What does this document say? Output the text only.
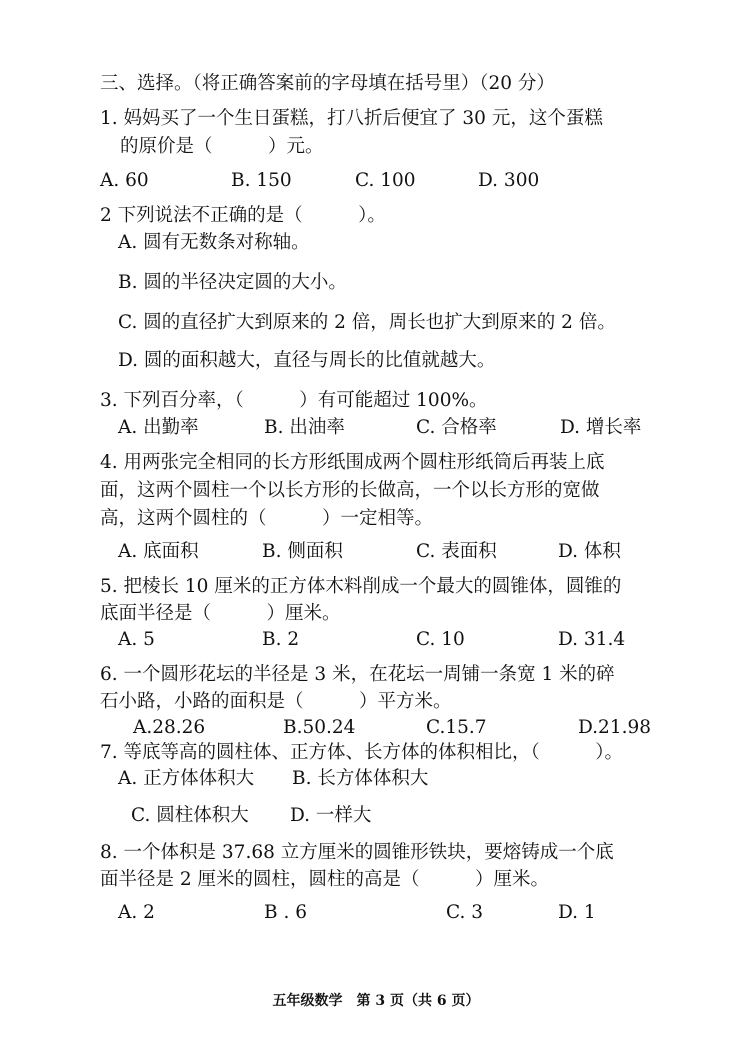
三、选择。（将正确答案前的字母填在括号里）（20 分）
1. 妈妈买了一个生日蛋糕，打八折后便宜了 30 元，这个蛋糕
的原价是（　　　）元。
A. 60	B. 150	C. 100	D. 300
2 下列说法不正确的是（　　　）。
A. 圆有无数条对称轴。
B. 圆的半径决定圆的大小。
C. 圆的直径扩大到原来的 2 倍，周长也扩大到原来的 2 倍。
D. 圆的面积越大，直径与周长的比值就越大。
3. 下列百分率，（　　　）有可能超过 100%。
A. 出勤率	B. 出油率	C. 合格率	D. 增长率
4. 用两张完全相同的长方形纸围成两个圆柱形纸筒后再装上底
面，这两个圆柱一个以长方形的长做高，一个以长方形的宽做
高，这两个圆柱的（　　　）一定相等。
A. 底面积	B. 侧面积	C. 表面积	D. 体积
5. 把棱长 10 厘米的正方体木料削成一个最大的圆锥体，圆锥的
底面半径是（　　　）厘米。
A. 5	B. 2	C. 10	D. 31.4
6. 一个圆形花坛的半径是 3 米，在花坛一周铺一条宽 1 米的碎
石小路，小路的面积是（　　　）平方米。
A.28.26	B.50.24	C.15.7	D.21.98
7. 等底等高的圆柱体、正方体、长方体的体积相比，（　　　）。
A. 正方体体积大 B. 长方体体积大
C. 圆柱体积大 D. 一样大
8. 一个体积是 37.68 立方厘米的圆锥形铁块，要熔铸成一个底
面半径是 2 厘米的圆柱，圆柱的高是（　　　）厘米。
A. 2	B . 6	C. 3	D. 1
五年级数学　第 3 页（共 6 页）
